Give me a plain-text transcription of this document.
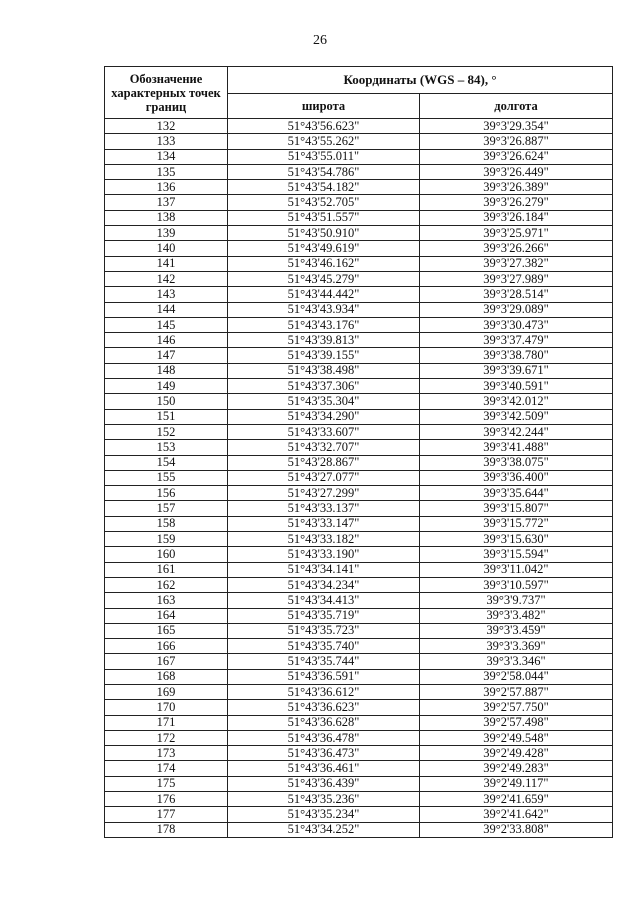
26
Обозначение характерных точек границ	Координаты (WGS – 84), °	
	широта	долгота
132	51°43'56.623"	39°3'29.354"
133	51°43'55.262"	39°3'26.887"
134	51°43'55.011"	39°3'26.624"
135	51°43'54.786"	39°3'26.449"
136	51°43'54.182"	39°3'26.389"
137	51°43'52.705"	39°3'26.279"
138	51°43'51.557"	39°3'26.184"
139	51°43'50.910"	39°3'25.971"
140	51°43'49.619"	39°3'26.266"
141	51°43'46.162"	39°3'27.382"
142	51°43'45.279"	39°3'27.989"
143	51°43'44.442"	39°3'28.514"
144	51°43'43.934"	39°3'29.089"
145	51°43'43.176"	39°3'30.473"
146	51°43'39.813"	39°3'37.479"
147	51°43'39.155"	39°3'38.780"
148	51°43'38.498"	39°3'39.671"
149	51°43'37.306"	39°3'40.591"
150	51°43'35.304"	39°3'42.012"
151	51°43'34.290"	39°3'42.509"
152	51°43'33.607"	39°3'42.244"
153	51°43'32.707"	39°3'41.488"
154	51°43'28.867"	39°3'38.075"
155	51°43'27.077"	39°3'36.400"
156	51°43'27.299"	39°3'35.644"
157	51°43'33.137"	39°3'15.807"
158	51°43'33.147"	39°3'15.772"
159	51°43'33.182"	39°3'15.630"
160	51°43'33.190"	39°3'15.594"
161	51°43'34.141"	39°3'11.042"
162	51°43'34.234"	39°3'10.597"
163	51°43'34.413"	39°3'9.737"
164	51°43'35.719"	39°3'3.482"
165	51°43'35.723"	39°3'3.459"
166	51°43'35.740"	39°3'3.369"
167	51°43'35.744"	39°3'3.346"
168	51°43'36.591"	39°2'58.044"
169	51°43'36.612"	39°2'57.887"
170	51°43'36.623"	39°2'57.750"
171	51°43'36.628"	39°2'57.498"
172	51°43'36.478"	39°2'49.548"
173	51°43'36.473"	39°2'49.428"
174	51°43'36.461"	39°2'49.283"
175	51°43'36.439"	39°2'49.117"
176	51°43'35.236"	39°2'41.659"
177	51°43'35.234"	39°2'41.642"
178	51°43'34.252"	39°2'33.808"
